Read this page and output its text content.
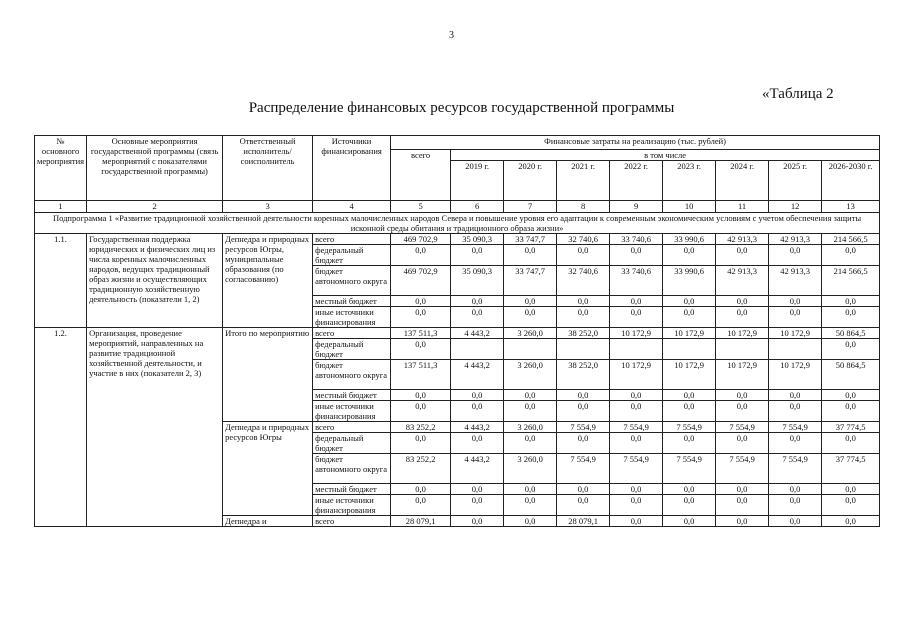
3
«Таблица 2
Распределение финансовых ресурсов государственной программы
№ основного мероприятия	Основные мероприятия государственной программы (связь мероприятий с показателями государственной программы)	Ответственный исполнитель/соисполнитель	Источники финансирования	Финансовые затраты на реализацию (тыс. рублей)								
				всего	в том числе							
					2019 г.	2020 г.	2021 г.	2022 г.	2023 г.	2024 г.	2025 г.	2026-2030 г.
1	2	3	4	5	6	7	8	9	10	11	12	13
Подпрограмма 1 «Развитие традиционной хозяйственной деятельности коренных малочисленных народов Севера и повышение уровня его адаптации к современным экономическим условиям с учетом обеспечения защиты исконной среды обитания и традиционного образа жизни»												
1.1.	Государственная поддержка юридических и физических лиц из числа коренных малочисленных народов, ведущих традиционный образ жизни и осуществляющих традиционную хозяйственную деятельность (показатели 1, 2)	Депнедра и природных ресурсов Югры, муниципальные образования (по согласованию)	всего	469 702,9	35 090,3	33 747,7	32 740,6	33 740,6	33 990,6	42 913,3	42 913,3	214 566,5
			федеральный бюджет	0,0	0,0	0,0	0,0	0,0	0,0	0,0	0,0	0,0
			бюджет автономного округа	469 702,9	35 090,3	33 747,7	32 740,6	33 740,6	33 990,6	42 913,3	42 913,3	214 566,5
			местный бюджет	0,0	0,0	0,0	0,0	0,0	0,0	0,0	0,0	0,0
			иные источники финансирования	0,0	0,0	0,0	0,0	0,0	0,0	0,0	0,0	0,0
1.2.	Организация, проведение мероприятий, направленных на развитие традиционной хозяйственной деятельности, и участие в них (показатели 2, 3)	Итого по мероприятию	всего	137 511,3	4 443,2	3 260,0	38 252,0	10 172,9	10 172,9	10 172,9	10 172,9	50 864,5
			федеральный бюджет	0,0								0,0
			бюджет автономного округа	137 511,3	4 443,2	3 260,0	38 252,0	10 172,9	10 172,9	10 172,9	10 172,9	50 864,5
			местный бюджет	0,0	0,0	0,0	0,0	0,0	0,0	0,0	0,0	0,0
			иные источники финансирования	0,0	0,0	0,0	0,0	0,0	0,0	0,0	0,0	0,0
		Депнедра и природных ресурсов Югры	всего	83 252,2	4 443,2	3 260,0	7 554,9	7 554,9	7 554,9	7 554,9	7 554,9	37 774,5
			федеральный бюджет	0,0	0,0	0,0	0,0	0,0	0,0	0,0	0,0	0,0
			бюджет автономного округа	83 252,2	4 443,2	3 260,0	7 554,9	7 554,9	7 554,9	7 554,9	7 554,9	37 774,5
			местный бюджет	0,0	0,0	0,0	0,0	0,0	0,0	0,0	0,0	0,0
			иные источники финансирования	0,0	0,0	0,0	0,0	0,0	0,0	0,0	0,0	0,0
		Депнедра и	всего	28 079,1	0,0	0,0	28 079,1	0,0	0,0	0,0	0,0	0,0
